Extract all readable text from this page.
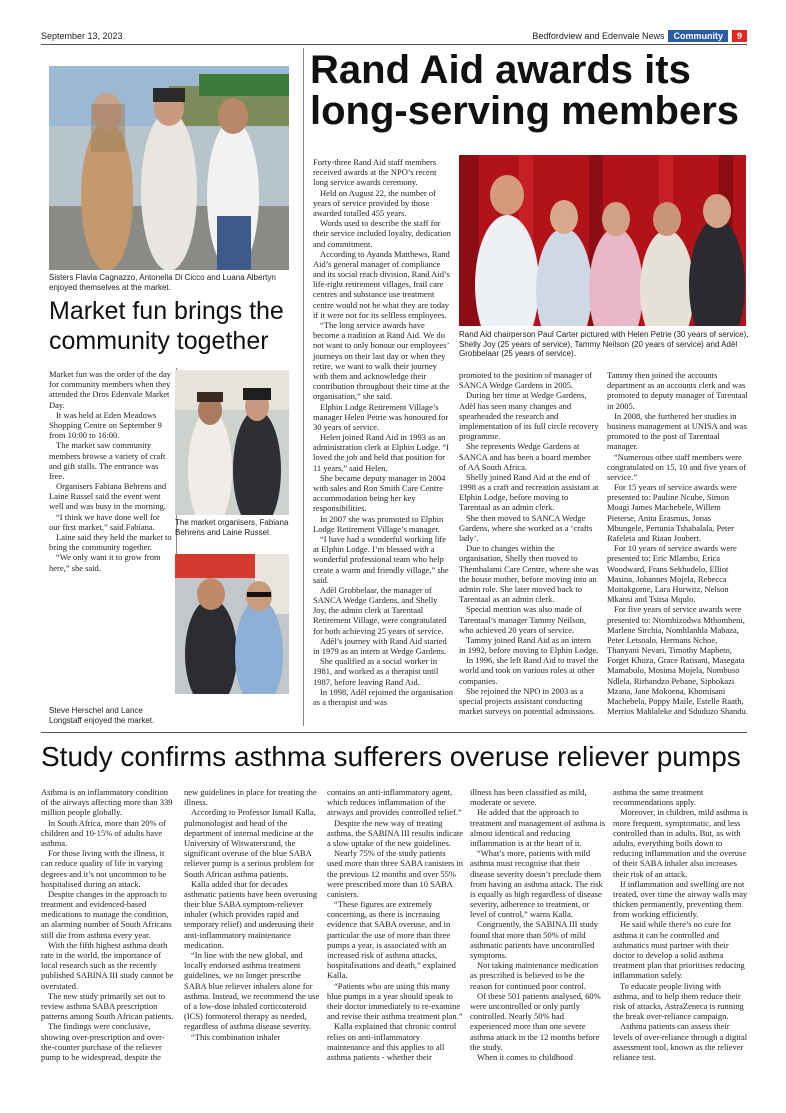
September 13, 2023	Bedfordview and Edenvale News	Community	9
Sisters Flavia Cagnazzo, Antonella Di Cicco and Luana Albertyn enjoyed themselves at the market.
Market fun brings the community together

Market fun was the order of the day for community members when they attended the Dros Edenvale Market Day.

It was held at Eden Meadows Shopping Centre on September 9 from 10:00 to 16:00.

The market saw community members browse a variety of craft and gift stalls. The entrance was free.

Organisers Fabiana Behrens and Laine Russel said the event went well and was busy in the morning.

“I think we have done well for our first market,” said Fabiana.

Laine said they held the market to bring the community together.

“We only want it to grow from here,” she said.

The market organisers, Fabiana Behrens and Laine Russel.
Steve Herschel and Lance Longstaff enjoyed the market.
Rand Aid awards its long-serving members

Forty-three Rand Aid staff members received awards at the NPO’s recent long service awards ceremony.

Held on August 22, the number of years of service provided by those awarded totalled 455 years.

Words used to describe the staff for their service included loyalty, dedication and commitment.

According to Ayanda Matthews, Rand Aid’s general manager of compliance and its social reach division, Rand Aid’s life-right retirement villages, frail care centres and substance use treatment centre would not be what they are today if it were not for its selfless employees.

“The long service awards have become a tradition at Rand Aid. We do not want to only honour our employees’ journeys on their last day or when they retire, we want to walk their journey with them and acknowledge their contribution throughout their time at the organisation,” she said.

Elphin Lodge Retirement Village’s manager Helen Petrie was honoured for 30 years of service.

Helen joined Rand Aid in 1993 as an administration clerk at Elphin Lodge. “I loved the job and held that position for 11 years,” said Helen.

She became deputy manager in 2004 with sales and Ron Smith Care Centre accommodation being her key responsibilities.

In 2007 she was promoted to Elphin Lodge Retirement Village’s manager.

“I have had a wonderful working life at Elphin Lodge. I’m blessed with a wonderful professional team who help create a warm and friendly village,” she said.

Adèl Grobbelaar, the manager of SANCA Wedge Gardens, and Shelly Joy, the admin clerk at Tarentaal Retirement Village, were congratulated for both achieving 25 years of service.

Adèl’s journey with Rand Aid started in 1979 as an intern at Wedge Gardens.

She qualified as a social worker in 1981, and worked as a therapist until 1987, before leaving Rand Aid.

In 1998, Adèl rejoined the organisation as a therapist and was

Rand Aid chairperson Paul Carter pictured with Helen Petrie (30 years of service), Shelly Joy (25 years of service), Tammy Neilson (20 years of service) and Adèl Grobbelaar (25 years of service).

promoted to the position of manager of SANCA Wedge Gardens in 2005.

During her time at Wedge Gardens, Adèl has seen many changes and spearheaded the research and implementation of its full circle recovery programme.

She represents Wedge Gardens at SANCA and has been a board member of AA South Africa.

Shelly joined Rand Aid at the end of 1998 as a craft and recreation assistant at Elphin Lodge, before moving to Tarentaal as an admin clerk.

She then moved to SANCA Wedge Gardens, where she worked as a ‘crafts lady’.

Due to changes within the organisation, Shelly then moved to Thembalami Care Centre, where she was the house mother, before moving into an admin role. She later moved back to Tarentaal as an admin clerk.

Special mention was also made of Tarentaal’s manager Tammy Neilson, who achieved 20 years of service.

Tammy joined Rand Aid as an intern in 1992, before moving to Elphin Lodge.

In 1996, she left Rand Aid to travel the world and took on various roles at other companies.

She rejoined the NPO in 2003 as a special projects assistant conducting market surveys on potential admissions.

Tammy then joined the accounts department as an accounts clerk and was promoted to deputy manager of Tarentaal in 2005.

In 2008, she furthered her studies in business management at UNISA and was promoted to the post of Tarentaal manager.

“Numerous other staff members were congratulated on 15, 10 and five years of service.”

For 15 years of service awards were presented to: Pauline Ncube, Simon Moagi James Machebele, Willem Pieterse, Anita Erasmus, Jonas Mbungele, Pertunia Tshabalala, Peter Rafeleta and Riaan Joubert.

For 10 years of service awards were presented to: Eric Mlambo, Erica Woodward, Frans Sekhudelo, Elliot Masina, Johannes Mojela, Rebecca Moitakgome, Lara Hurwitz, Nelson Mkansi and Tsitsa Mqulo.

For five years of service awards were presented to: Ntombizodwa Mthombeni, Marlene Sirchia, Nomhlanhla Mabaza, Peter Letsoalo, Hermans Nchoe, Thanyani Nevari, Timothy Mapheto, Forget Khoza, Grace Ratisani, Masegata Mamabolo, Mosima Mojela, Nombuso Ndlela, Rirhandzo Pebane, Siphokazi Mzana, Jane Mokoena, Khomisani Machebela, Poppy Maile, Estelle Raath, Merrios Mahlaleke and Sduduzo Shandu.

Study confirms asthma sufferers overuse reliever pumps

Asthma is an inflammatory condition of the airways affecting more than 339 million people globally.

In South Africa, more than 20% of children and 10-15% of adults have asthma.

For those living with the illness, it can reduce quality of life in varying degrees and it’s not uncommon to be hospitalised during an attack.

Despite changes in the approach to treatment and evidenced-based medications to manage the condition, an alarming number of South Africans still die from asthma every year.

With the fifth highest asthma death rate in the world, the importance of local research such as the recently published SABINA III study cannot be overstated.

The new study primarily set out to review asthma SABA prescription patterns among South African patients.

The findings were conclusive, showing over-prescription and over-the-counter purchase of the reliever pump to be widespread, despite the

new guidelines in place for treating the illness.

According to Professor Ismail Kalla, pulmonologist and head of the department of internal medicine at the University of Witwatersrand, the significant overuse of the blue SABA reliever pump is a serious problem for South African asthma patients.

Kalla added that for decades asthmatic patients have been overusing their blue SABA symptom-reliever inhaler (which provides rapid and temporary relief) and underusing their anti-inflammatory maintenance medication.

“In line with the new global, and locally endorsed asthma treatment guidelines, we no longer prescribe SABA blue reliever inhalers alone for asthma. Instead, we recommend the use of a low-dose inhaled corticosteroid (ICS) formoterol therapy as needed, regardless of asthma disease severity.

“This combination inhaler

contains an anti-inflammatory agent, which reduces inflammation of the airways and provides controlled relief.”

Despite the new way of treating asthma, the SABINA III results indicate a slow uptake of the new guidelines.

Nearly 75% of the study patients used more than three SABA canisters in the previous 12 months and over 55% were prescribed more than 10 SABA canisters.

“These figures are extremely concerning, as there is increasing evidence that SABA overuse, and in particular the use of more than three pumps a year, is associated with an increased risk of asthma attacks, hospitalisations and death,” explained Kalla.

“Patients who are using this many blue pumps in a year should speak to their doctor immediately to re-examine and revise their asthma treatment plan.”

Kalla explained that chronic control relies on anti-inflammatory maintenance and this applies to all asthma patients - whether their

illness has been classified as mild, moderate or severe.

He added that the approach to treatment and management of asthma is almost identical and reducing inflammation is at the heart of it.

“What’s more, patients with mild asthma must recognise that their disease severity doesn’t preclude them from having an asthma attack. The risk is equally as high regardless of disease severity, adherence to treatment, or level of control,” warns Kalla.

Congruently, the SABINA III study found that more than 50% of mild asthmatic patients have uncontrolled symptoms.

Not taking maintenance medication as prescribed is believed to be the reason for continued poor control.

Of these 501 patients analysed, 60% were uncontrolled or only partly controlled. Nearly 50% had experienced more than one severe asthma attack in the 12 months before the study.

When it comes to childhood

asthma the same treatment recommendations apply.

Moreover, in children, mild asthma is more frequent, symptomatic, and less controlled than in adults. But, as with adults, everything boils down to reducing inflammation and the overuse of their SABA inhaler also increases their risk of an attack.

If inflammation and swelling are not treated, over time the airway walls may thicken permanently, preventing them from working efficiently.

He said while there’s no cure for asthma it can be controlled and asthmatics must partner with their doctor to develop a solid asthma treatment plan that prioritises reducing inflammation safely.

To educate people living with asthma, and to help them reduce their risk of attacks, AstraZeneca is running the break over-reliance campaign.

Asthma patients can assess their levels of over-reliance through a digital assessment tool, known as the reliever reliance test.
